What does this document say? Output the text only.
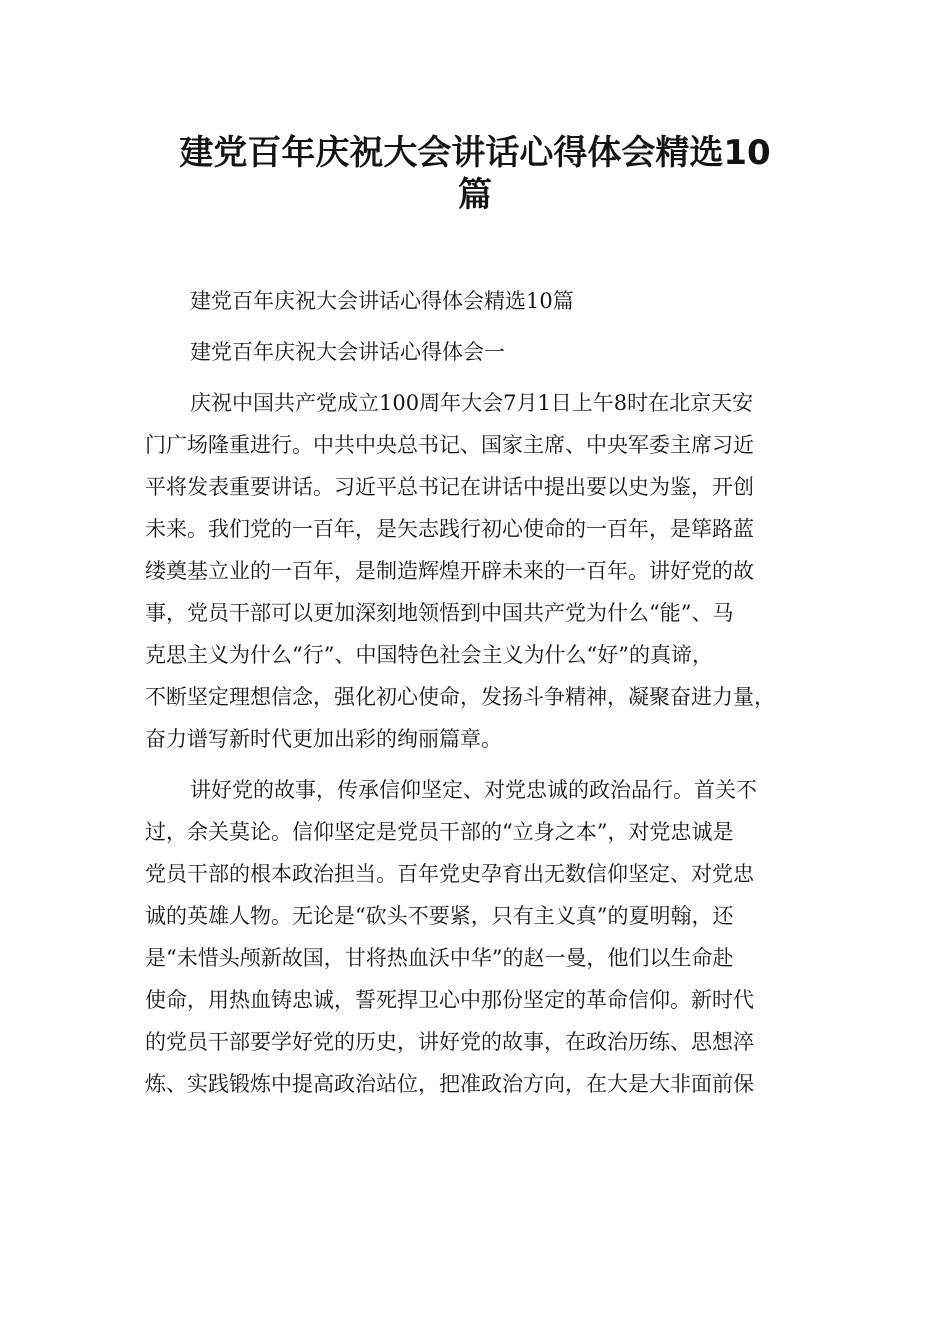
建党百年庆祝大会讲话心得体会精选10
篇
建党百年庆祝大会讲话心得体会精选10篇
建党百年庆祝大会讲话心得体会一
庆祝中国共产党成立100周年大会7月1日上午8时在北京天安
门广场隆重进行。中共中央总书记、国家主席、中央军委主席习近
平将发表重要讲话。习近平总书记在讲话中提出要以史为鉴，开创
未来。我们党的一百年，是矢志践行初心使命的一百年，是筚路蓝
缕奠基立业的一百年，是制造辉煌开辟未来的一百年。讲好党的故
事，党员干部可以更加深刻地领悟到中国共产党为什么“能”、马
克思主义为什么“行”、中国特色社会主义为什么“好”的真谛，
不断坚定理想信念，强化初心使命，发扬斗争精神，凝聚奋进力量，
奋力谱写新时代更加出彩的绚丽篇章。
讲好党的故事，传承信仰坚定、对党忠诚的政治品行。首关不
过，余关莫论。信仰坚定是党员干部的“立身之本”，对党忠诚是
党员干部的根本政治担当。百年党史孕育出无数信仰坚定、对党忠
诚的英雄人物。无论是“砍头不要紧，只有主义真”的夏明翰，还
是“未惜头颅新故国，甘将热血沃中华”的赵一曼，他们以生命赴
使命，用热血铸忠诚，誓死捍卫心中那份坚定的革命信仰。新时代
的党员干部要学好党的历史，讲好党的故事，在政治历练、思想淬
炼、实践锻炼中提高政治站位，把准政治方向，在大是大非面前保
